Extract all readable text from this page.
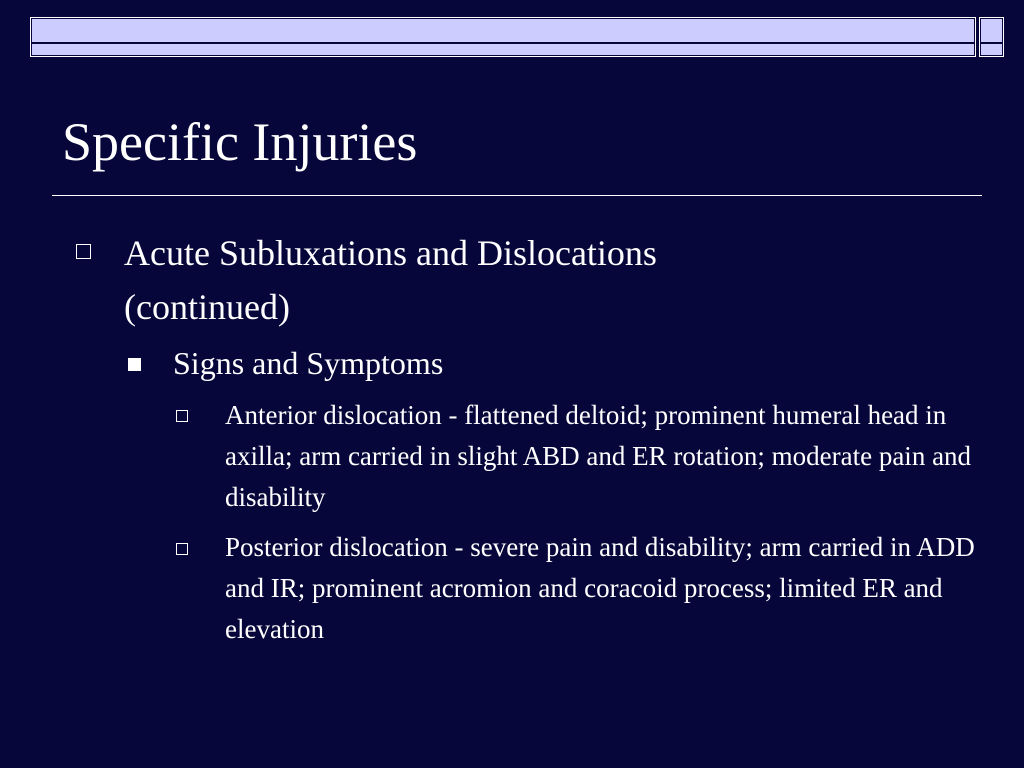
Specific Injuries
Acute Subluxations and Dislocations (continued)
Signs and Symptoms
Anterior dislocation - flattened deltoid; prominent humeral head in axilla; arm carried in slight ABD and ER rotation; moderate pain and disability
Posterior dislocation - severe pain and disability; arm carried in ADD and IR; prominent acromion and coracoid process; limited ER and elevation
